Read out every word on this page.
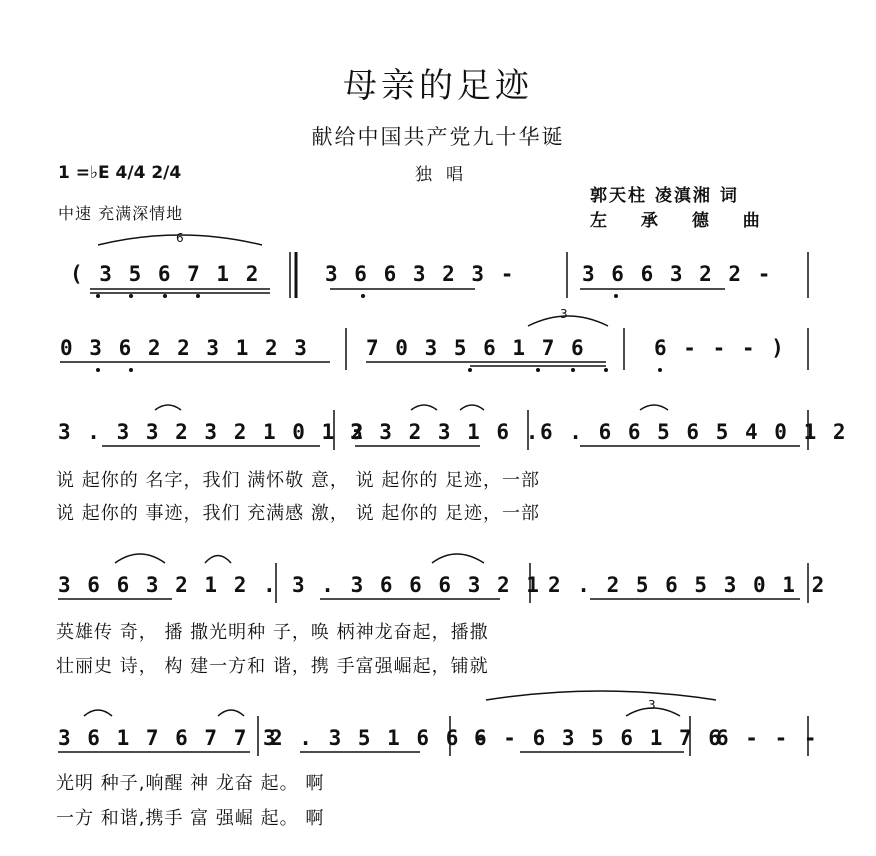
母亲的足迹
献给中国共产党九十华诞
1 =♭E 4/4 2/4	独唱
中速 充满深情地
郭天柱 凌滇湘 词
左 承 德 曲
( 3 5 6 7 1 2	3 6 6 3 2 3 -	3 6 6 3 2 2 -
6
0 3 6 2 2 3 1 2 3	7 0 3 5 6 1 7 6	6 - - - )
3
3 . 3 3 2 3 2 1 0 1 2
3 3 2 3 1 6 . 6 . 6 6 5 6 5 4 0 1 2
说 起你的 名字，我们 满怀敬 意， 说 起你的 足迹，一部
说 起你的 事迹，我们 充满感 激， 说 起你的 足迹，一部
3 6 6 3 2 1 2 . 3 . 3 6 6 6 3 2 1 2 . 2 5 6 5 3 0 1 2
英雄传 奇， 播 撒光明种 子，唤 柄神龙奋起，播撒
壮丽史 诗， 构 建一方和 谐，携 手富强崛起，铺就
3 6 1 7 6 7 7 3
2 . 3 5 1 6 6 -
6 - 6 3 5 6 1 7 6
6 - - -
3
光明 种子,响醒 神 龙奋 起。 啊
一方 和谐,携手 富 强崛 起。 啊
